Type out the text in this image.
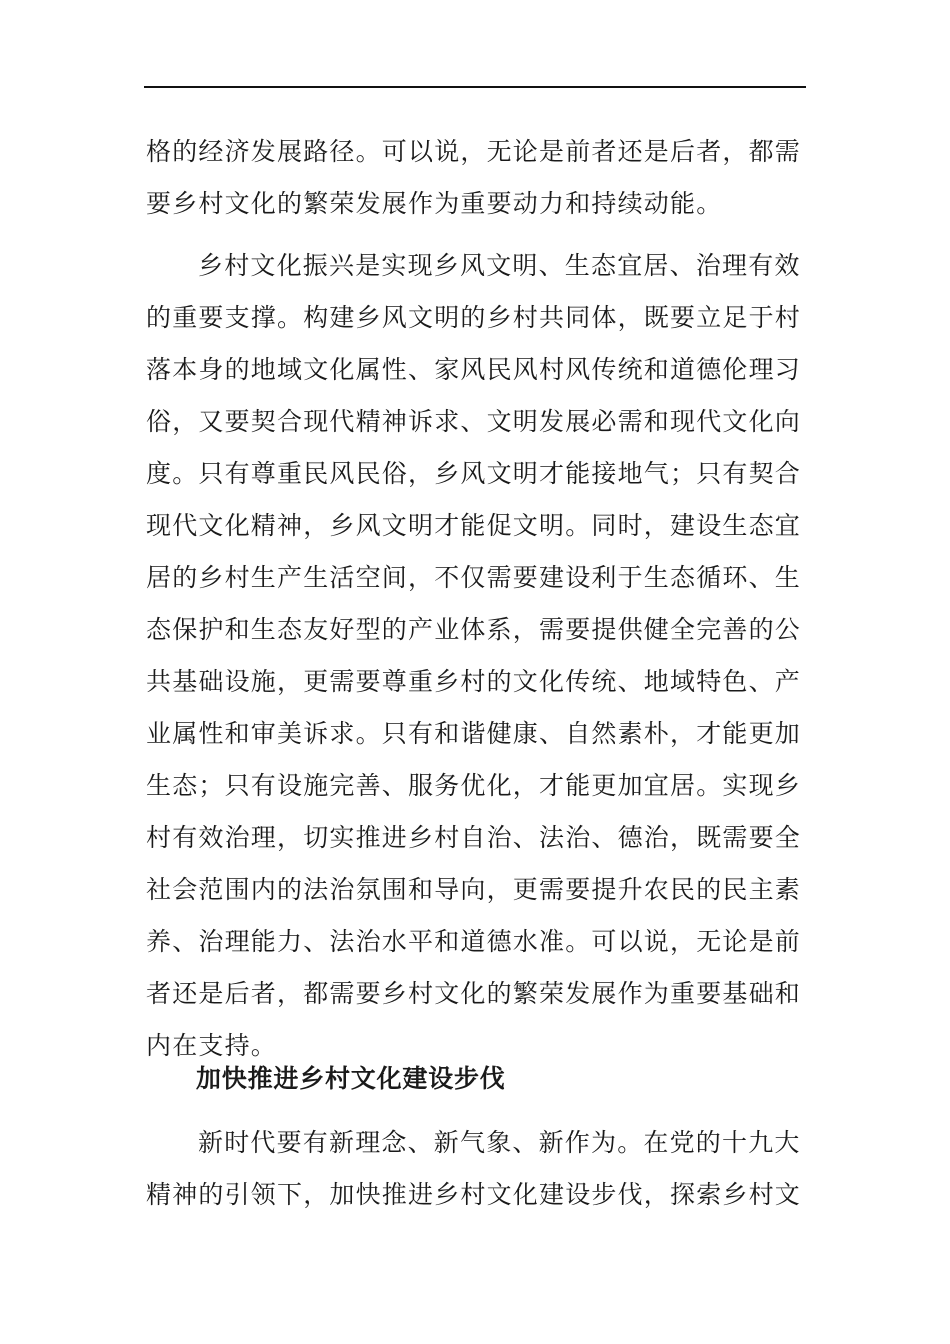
格的经济发展路径。可以说，无论是前者还是后者，都需
要乡村文化的繁荣发展作为重要动力和持续动能。
乡村文化振兴是实现乡风文明、生态宜居、治理有效
的重要支撑。构建乡风文明的乡村共同体，既要立足于村
落本身的地域文化属性、家风民风村风传统和道德伦理习
俗，又要契合现代精神诉求、文明发展必需和现代文化向
度。只有尊重民风民俗，乡风文明才能接地气；只有契合
现代文化精神，乡风文明才能促文明。同时，建设生态宜
居的乡村生产生活空间，不仅需要建设利于生态循环、生
态保护和生态友好型的产业体系，需要提供健全完善的公
共基础设施，更需要尊重乡村的文化传统、地域特色、产
业属性和审美诉求。只有和谐健康、自然素朴，才能更加
生态；只有设施完善、服务优化，才能更加宜居。实现乡
村有效治理，切实推进乡村自治、法治、德治，既需要全
社会范围内的法治氛围和导向，更需要提升农民的民主素
养、治理能力、法治水平和道德水准。可以说，无论是前
者还是后者，都需要乡村文化的繁荣发展作为重要基础和
内在支持。
加快推进乡村文化建设步伐
新时代要有新理念、新气象、新作为。在党的十九大
精神的引领下，加快推进乡村文化建设步伐，探索乡村文
